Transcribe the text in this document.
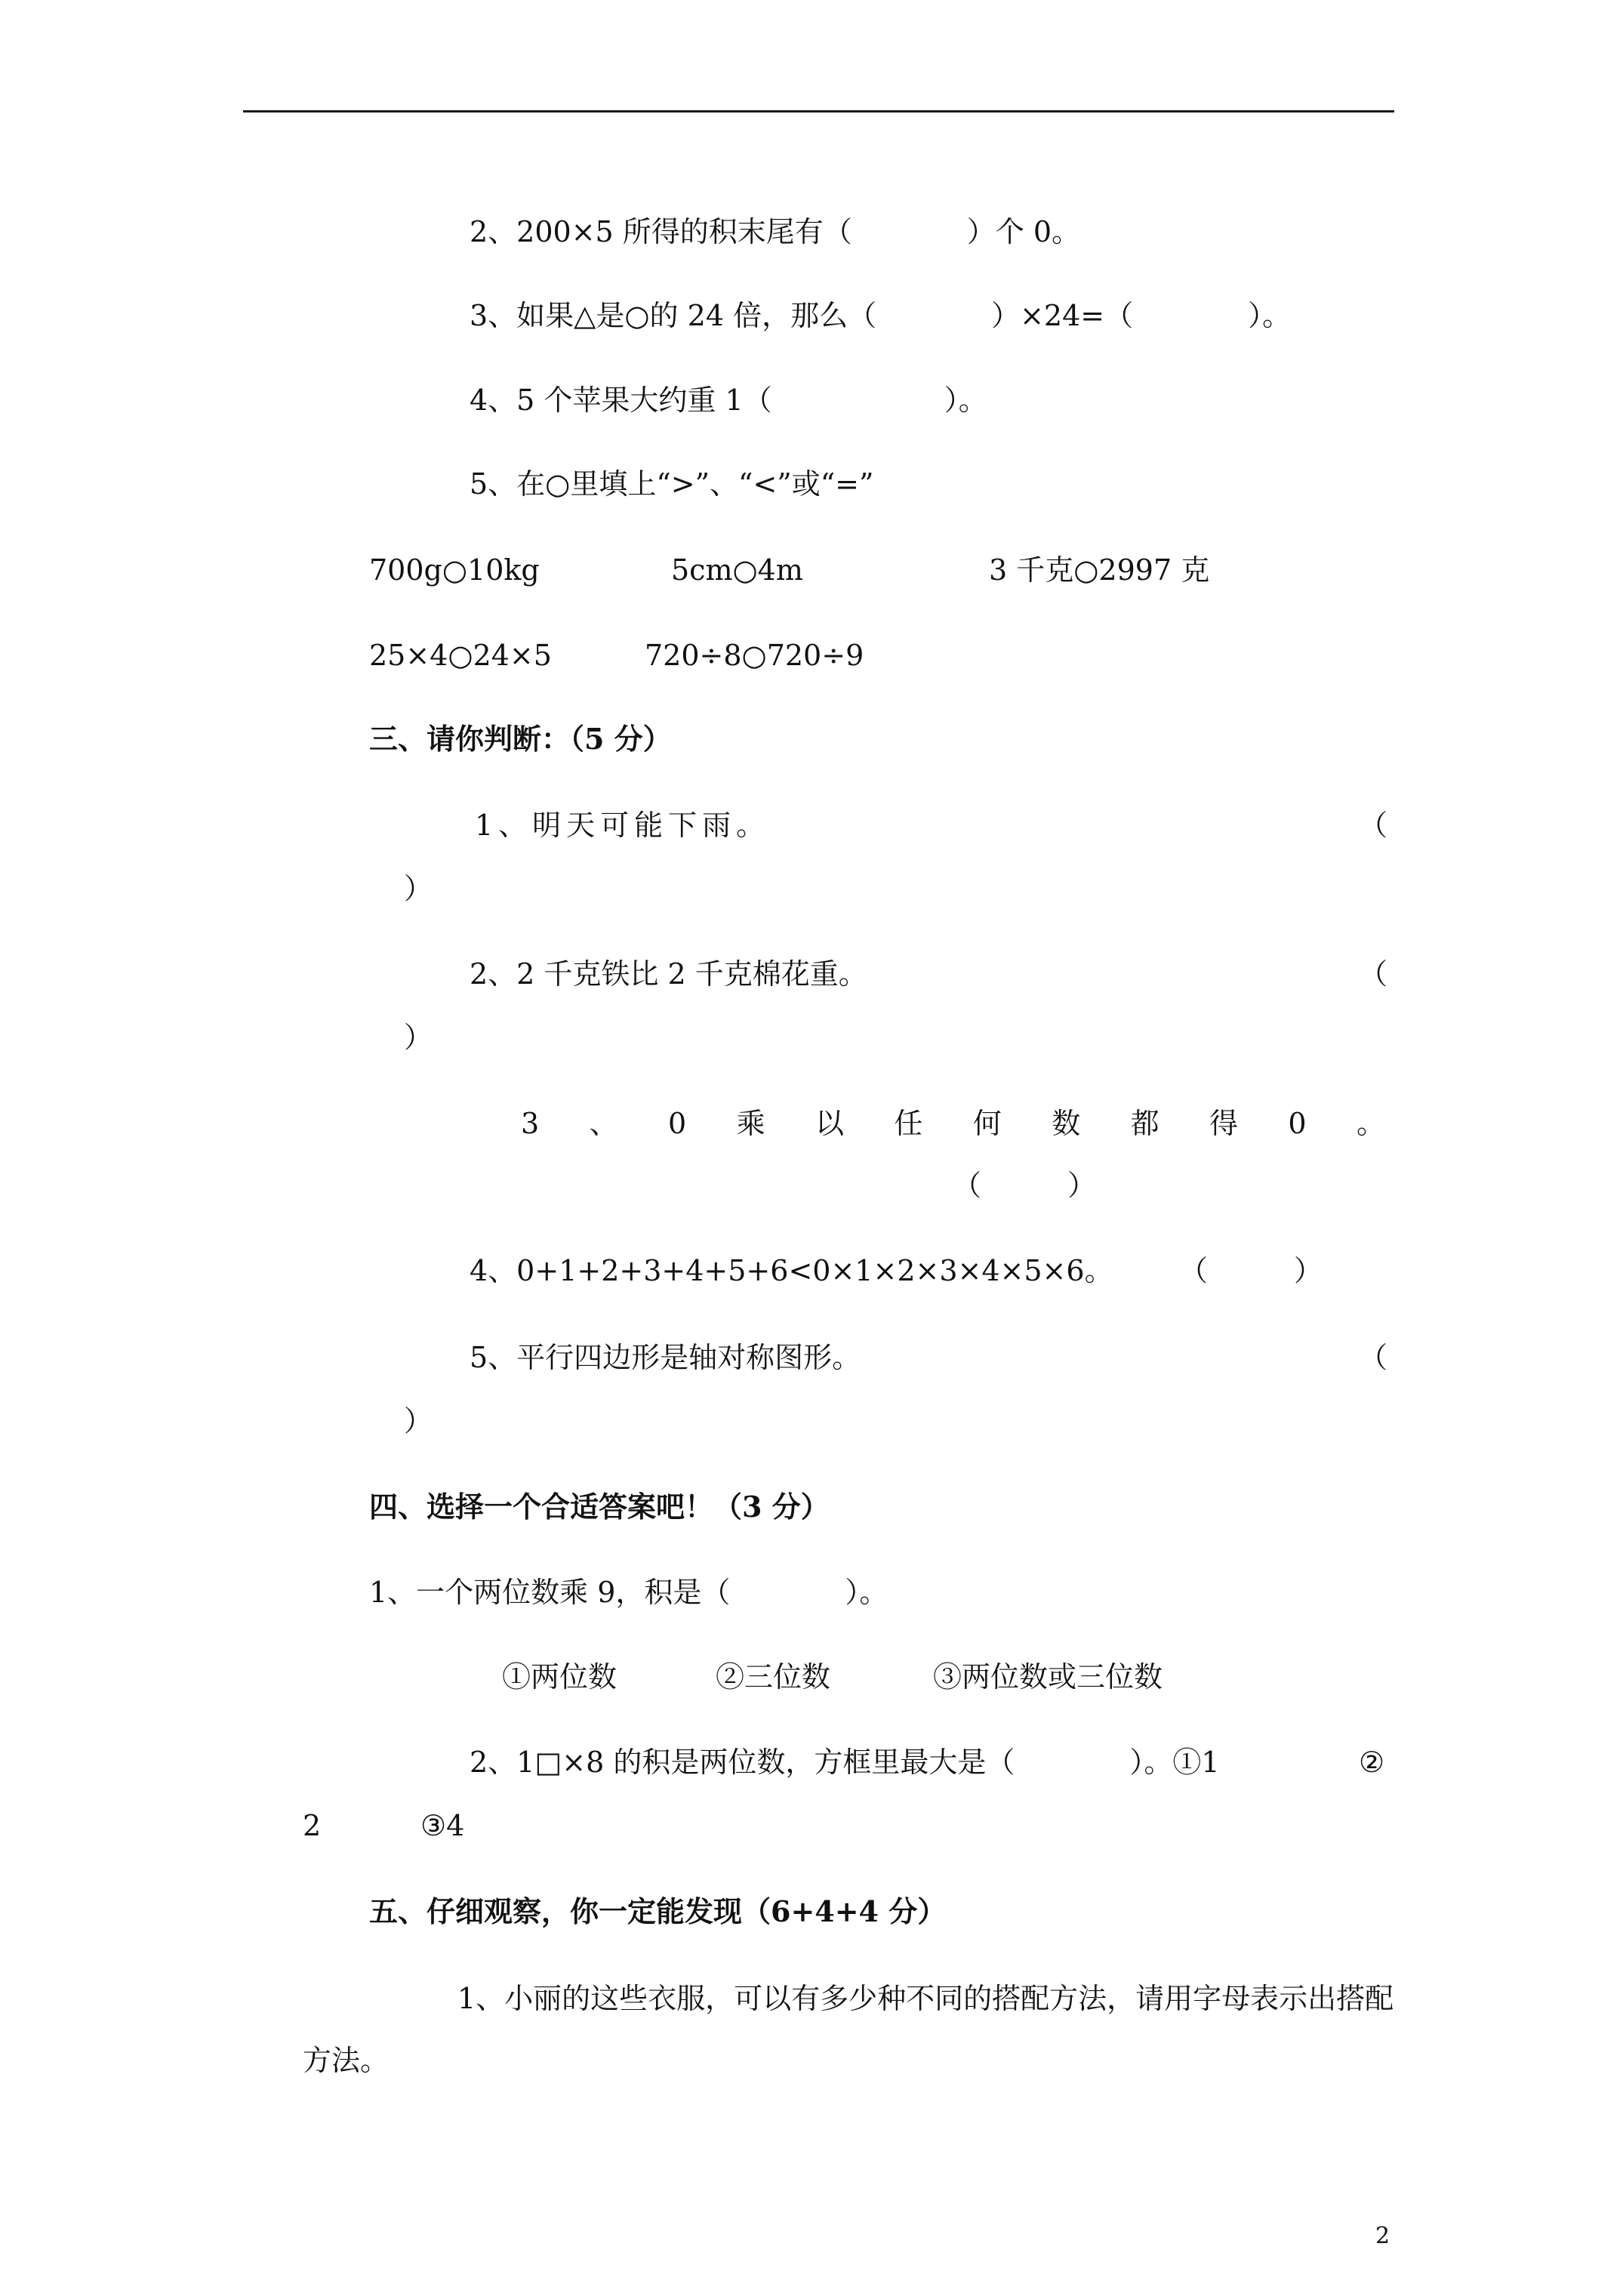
2、200×5 所得的积末尾有（　　　　）个 0。
3、如果△是○的 24 倍，那么（　　　　）×24=（　　　　）。
4、5 个苹果大约重 1（　　　　　　）。
5、在○里填上“>”、“<”或“=”
700g○10kg	5cm○4m	3 千克○2997 克
25×4○24×5	720÷8○720÷9
三、请你判断：（5 分）
1、明天可能下雨。	（
）
2、2 千克铁比 2 千克棉花重。	（
）
3 、 0 乘 以 任 何 数 都 得 0 。
（　　　）
4、0+1+2+3+4+5+6<0×1×2×3×4×5×6。 （　　　）
5、平行四边形是轴对称图形。	（
）
四、选择一个合适答案吧！（3 分）
1、一个两位数乘 9，积是（　　　　）。
①两位数	②三位数	③两位数或三位数
2、1□×8 的积是两位数，方框里最大是（　　　　）。①1	②
2	③4
五、仔细观察，你一定能发现（6+4+4 分）
1、小丽的这些衣服，可以有多少种不同的搭配方法，请用字母表示出搭配
方法。
2
